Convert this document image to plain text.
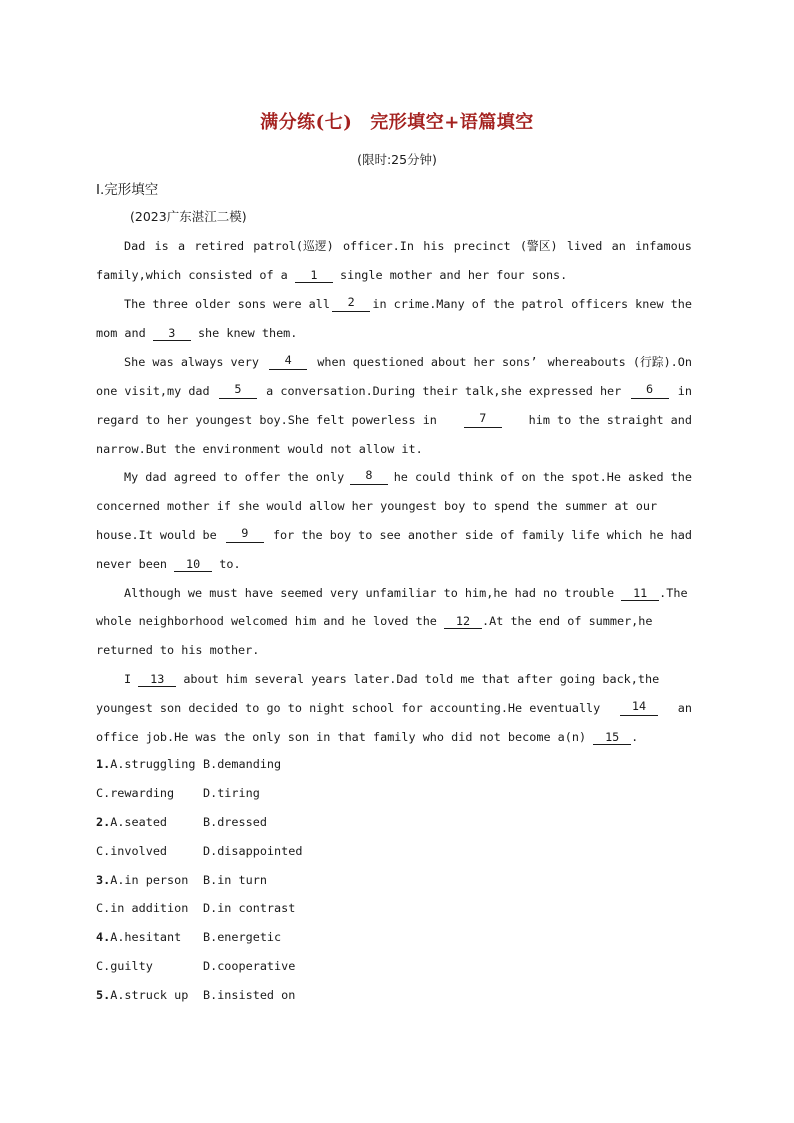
满分练(七) 完形填空+语篇填空
(限时:25分钟)
Ⅰ.完形填空
(2023广东湛江二模)
Dad is a retired patrol(巡逻) officer.In his precinct (警区) lived an infamous
family,which consisted of a 1 single mother and her four sons.
The three older sons were all	2	in crime.Many of the patrol officers knew the
mom and 3 she knew them.
She was always very	4	when questioned about her sons’ whereabouts (行踪).On
one visit,my dad	5	a conversation.During their talk,she expressed her	6	in
regard to her youngest boy.She felt powerless in	7	him to the straight and
narrow.But the environment would not allow it.
My dad agreed to offer the only	8	he could think of on the spot.He asked the
concerned mother if she would allow her youngest boy to spend the summer at our
house.It would be	9	for the boy to see another side of family life which he had
never been 10 to.
Although we must have seemed very unfamiliar to him,he had no trouble 11 .The
whole neighborhood welcomed him and he loved the 12 .At the end of summer,he
returned to his mother.
I 13 about him several years later.Dad told me that after going back,the
youngest son decided to go to night school for accounting.He eventually	14	an
office job.He was the only son in that family who did not become a(n) 15 .
1.A.struggling B.demanding
C.rewarding D.tiring
2.A.seated	B.dressed
C.involved	D.disappointed
3.A.in person B.in turn
C.in addition D.in contrast
4.A.hesitant B.energetic
C.guilty	D.cooperative
5.A.struck up B.insisted on
